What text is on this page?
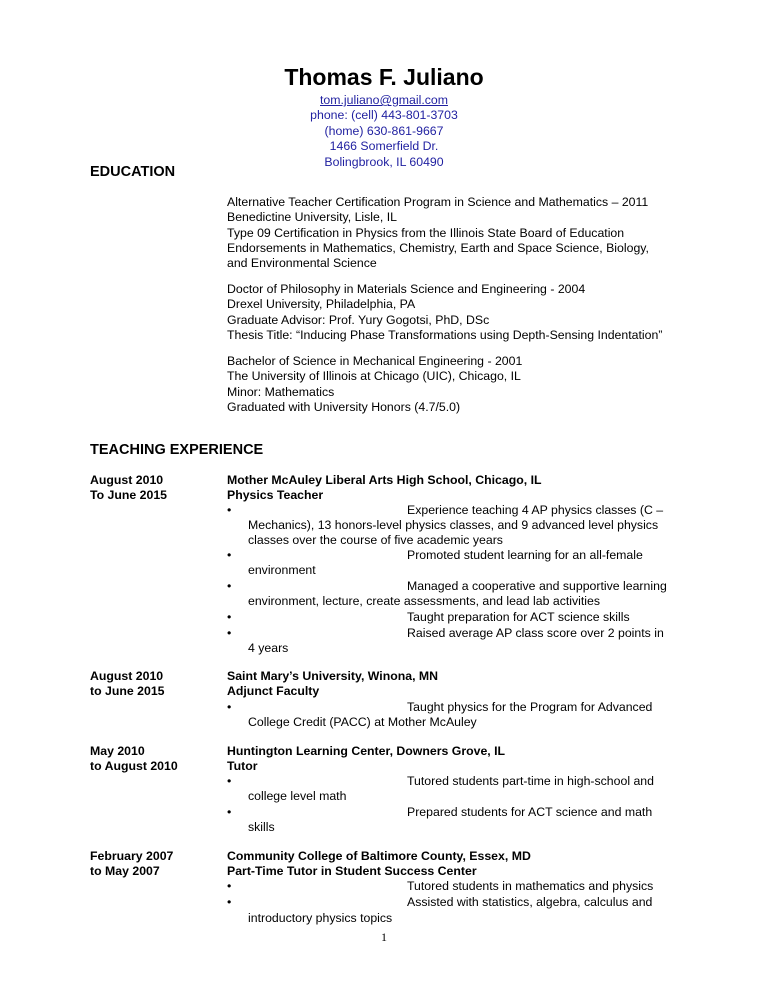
Thomas F. Juliano
tom.juliano@gmail.com
phone: (cell) 443-801-3703
(home) 630-861-9667
1466 Somerfield Dr.
Bolingbrook, IL 60490
EDUCATION
Alternative Teacher Certification Program in Science and Mathematics – 2011
Benedictine University, Lisle, IL
Type 09 Certification in Physics from the Illinois State Board of Education
Endorsements in Mathematics, Chemistry, Earth and Space Science, Biology,
and Environmental Science
Doctor of Philosophy in Materials Science and Engineering - 2004
Drexel University, Philadelphia, PA
Graduate Advisor: Prof. Yury Gogotsi, PhD, DSc
Thesis Title: “Inducing Phase Transformations using Depth-Sensing Indentation”
Bachelor of Science in Mechanical Engineering - 2001
The University of Illinois at Chicago (UIC), Chicago, IL
Minor: Mathematics
Graduated with University Honors (4.7/5.0)
TEACHING EXPERIENCE
August 2010
To June 2015
Mother McAuley Liberal Arts High School, Chicago, IL
Physics Teacher
•	Experience teaching 4 AP physics classes (C –
Mechanics), 13 honors-level physics classes, and 9 advanced level physics
classes over the course of five academic years
•	Promoted student learning for an all-female
environment
•	Managed a cooperative and supportive learning
environment, lecture, create assessments, and lead lab activities
•	Taught preparation for ACT science skills
•	Raised average AP class score over 2 points in
4 years
August 2010
to June 2015
Saint Mary’s University, Winona, MN
Adjunct Faculty
•	Taught physics for the Program for Advanced
College Credit (PACC) at Mother McAuley
May 2010
to August 2010
Huntington Learning Center, Downers Grove, IL
Tutor
•	Tutored students part-time in high-school and
college level math
•	Prepared students for ACT science and math
skills
February 2007
to May 2007
Community College of Baltimore County, Essex, MD
Part-Time Tutor in Student Success Center
•	Tutored students in mathematics and physics
•	Assisted with statistics, algebra, calculus and
introductory physics topics
1
